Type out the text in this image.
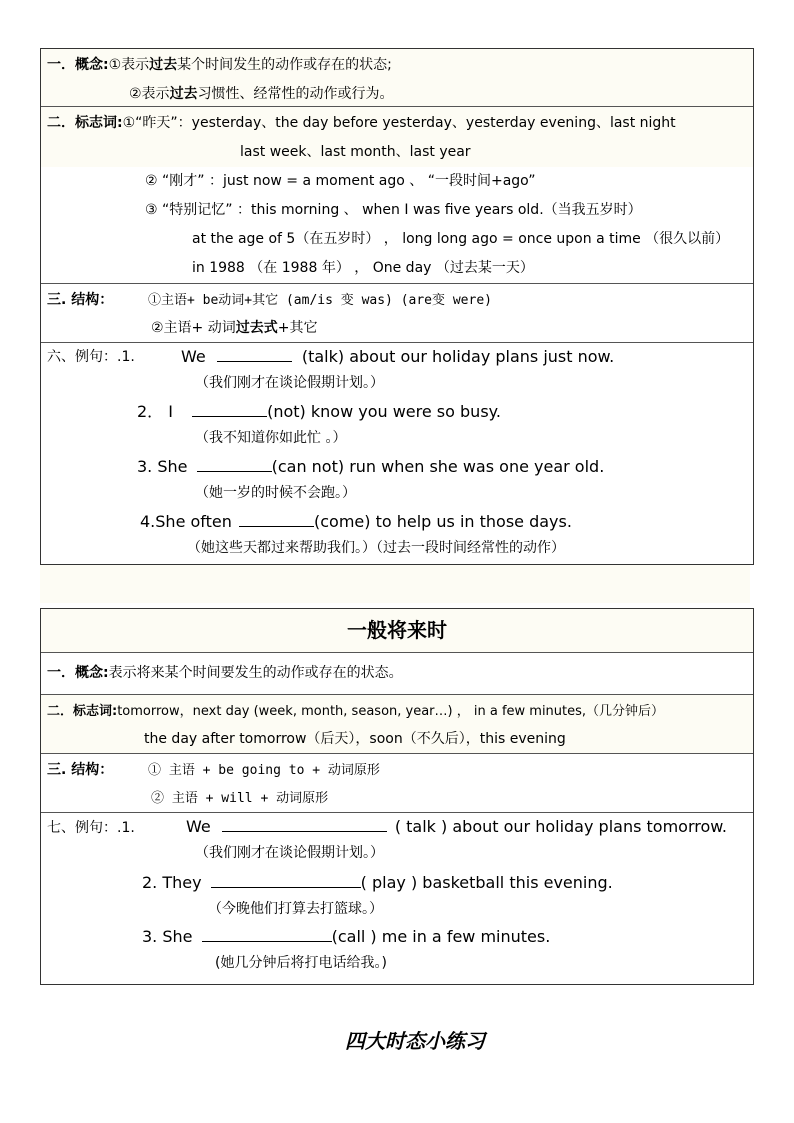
一．概念:①表示过去某个时间发生的动作或存在的状态;
②表示过去习惯性、经常性的动作或行为。
二．标志词:①“昨天”：yesterday、the day before yesterday、yesterday evening、last night
last week、last month、last year
② “刚才” ：just now = a moment ago 、 “一段时间+ago”
③ “特别记忆” ：this morning 、 when I was five years old.（当我五岁时）
at the age of 5（在五岁时） ， long long ago = once upon a time （很久以前）
in 1988 （在 1988 年） ， One day （过去某一天）
三. 结构：	①主语+ be动词+其它 (am/is 变 was) (are变 were)
②主语+ 动词过去式+其它
六、例句：.1.	We	(talk) about our holiday plans just now.
（我们刚才在谈论假期计划。）
2． I	(not) know you were so busy.
（我不知道你如此忙 。）
3. She	(can not) run when she was one year old.
（她一岁的时候不会跑。）
4.She often	(come) to help us in those days.
（她这些天都过来帮助我们。）（过去一段时间经常性的动作）
一般将来时
一．概念:表示将来某个时间要发生的动作或存在的状态。
二．标志词:tomorrow，next day (week, month, season, year…) ， in a few minutes,（几分钟后）
the day after tomorrow（后天），soon（不久后），this evening
三. 结构：	① 主语 + be going to + 动词原形
② 主语 + will + 动词原形
七、例句：.1.	We	( talk ) about our holiday plans tomorrow.
（我们刚才在谈论假期计划。）
2. They	( play ) basketball this evening.
（今晚他们打算去打篮球。）
3. She	(call ) me in a few minutes.
(她几分钟后将打电话给我。)
四大时态小练习
